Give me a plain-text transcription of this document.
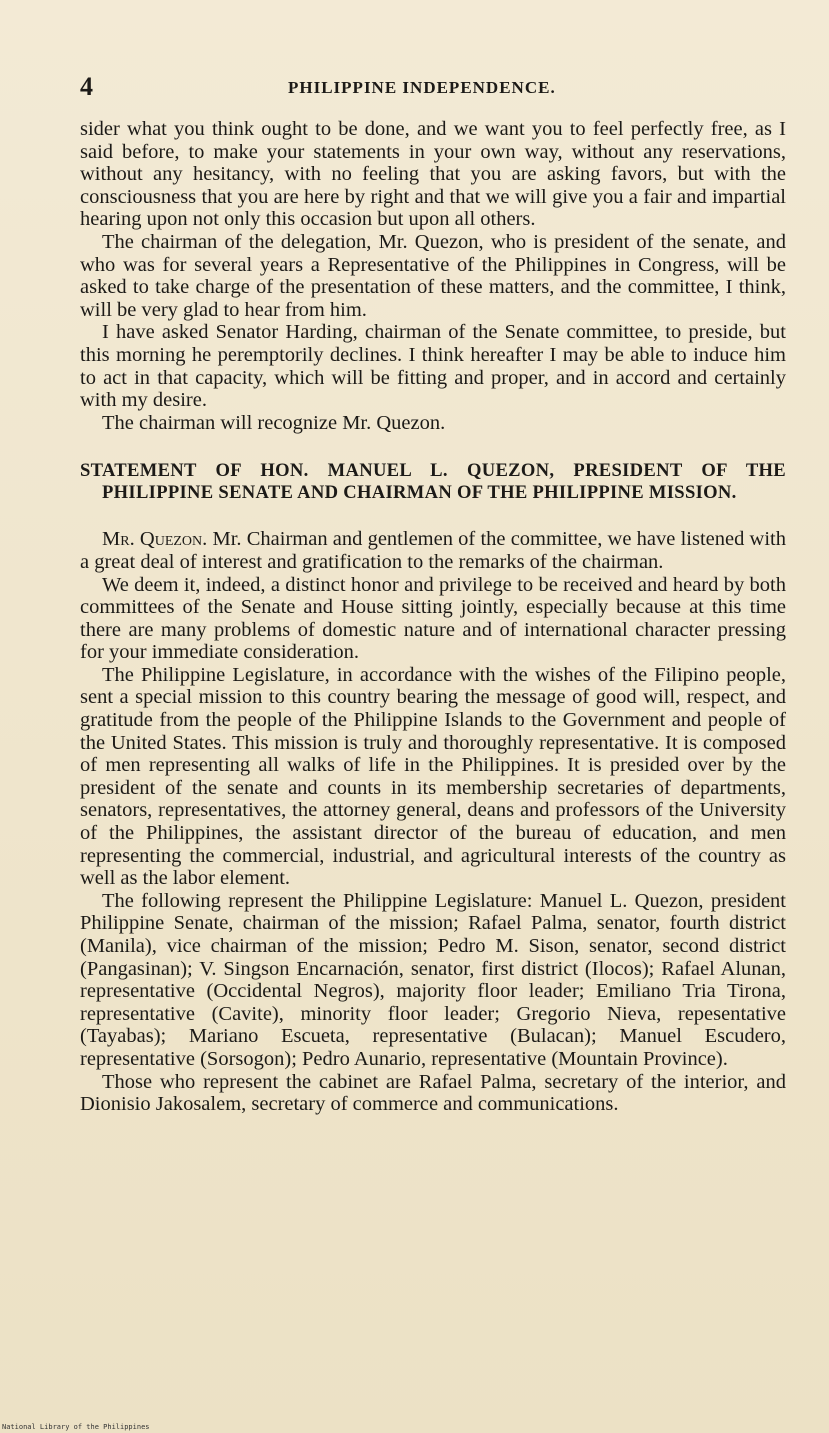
4	PHILIPPINE INDEPENDENCE.

sider what you think ought to be done, and we want you to feel perfectly free, as I said before, to make your statements in your own way, without any reservations, without any hesitancy, with no feeling that you are asking favors, but with the consciousness that you are here by right and that we will give you a fair and impartial hearing upon not only this occasion but upon all others.

The chairman of the delegation, Mr. Quezon, who is president of the senate, and who was for several years a Representative of the Philippines in Congress, will be asked to take charge of the presentation of these matters, and the committee, I think, will be very glad to hear from him.

I have asked Senator Harding, chairman of the Senate committee, to preside, but this morning he peremptorily declines. I think hereafter I may be able to induce him to act in that capacity, which will be fitting and proper, and in accord and certainly with my desire.

The chairman will recognize Mr. Quezon.

STATEMENT OF HON. MANUEL L. QUEZON, PRESIDENT OF THE PHILIPPINE SENATE AND CHAIRMAN OF THE PHILIPPINE MISSION.

Mr. Quezon. Mr. Chairman and gentlemen of the committee, we have listened with a great deal of interest and gratification to the remarks of the chairman.

We deem it, indeed, a distinct honor and privilege to be received and heard by both committees of the Senate and House sitting jointly, especially because at this time there are many problems of domestic nature and of international character pressing for your immediate consideration.

The Philippine Legislature, in accordance with the wishes of the Filipino people, sent a special mission to this country bearing the message of good will, respect, and gratitude from the people of the Philippine Islands to the Government and people of the United States. This mission is truly and thoroughly representative. It is composed of men representing all walks of life in the Philippines. It is presided over by the president of the senate and counts in its membership secretaries of departments, senators, representatives, the attorney general, deans and professors of the University of the Philippines, the assistant director of the bureau of education, and men representing the commercial, industrial, and agricultural interests of the country as well as the labor element.

The following represent the Philippine Legislature: Manuel L. Quezon, president Philippine Senate, chairman of the mission; Rafael Palma, senator, fourth district (Manila), vice chairman of the mission; Pedro M. Sison, senator, second district (Pangasinan); V. Singson Encarnación, senator, first district (Ilocos); Rafael Alunan, representative (Occidental Negros), majority floor leader; Emiliano Tria Tirona, representative (Cavite), minority floor leader; Gregorio Nieva, repesentative (Tayabas); Mariano Escueta, representative (Bulacan); Manuel Escudero, representative (Sorsogon); Pedro Aunario, representative (Mountain Province).

Those who represent the cabinet are Rafael Palma, secretary of the interior, and Dionisio Jakosalem, secretary of commerce and communications.

National Library of the Philippines
